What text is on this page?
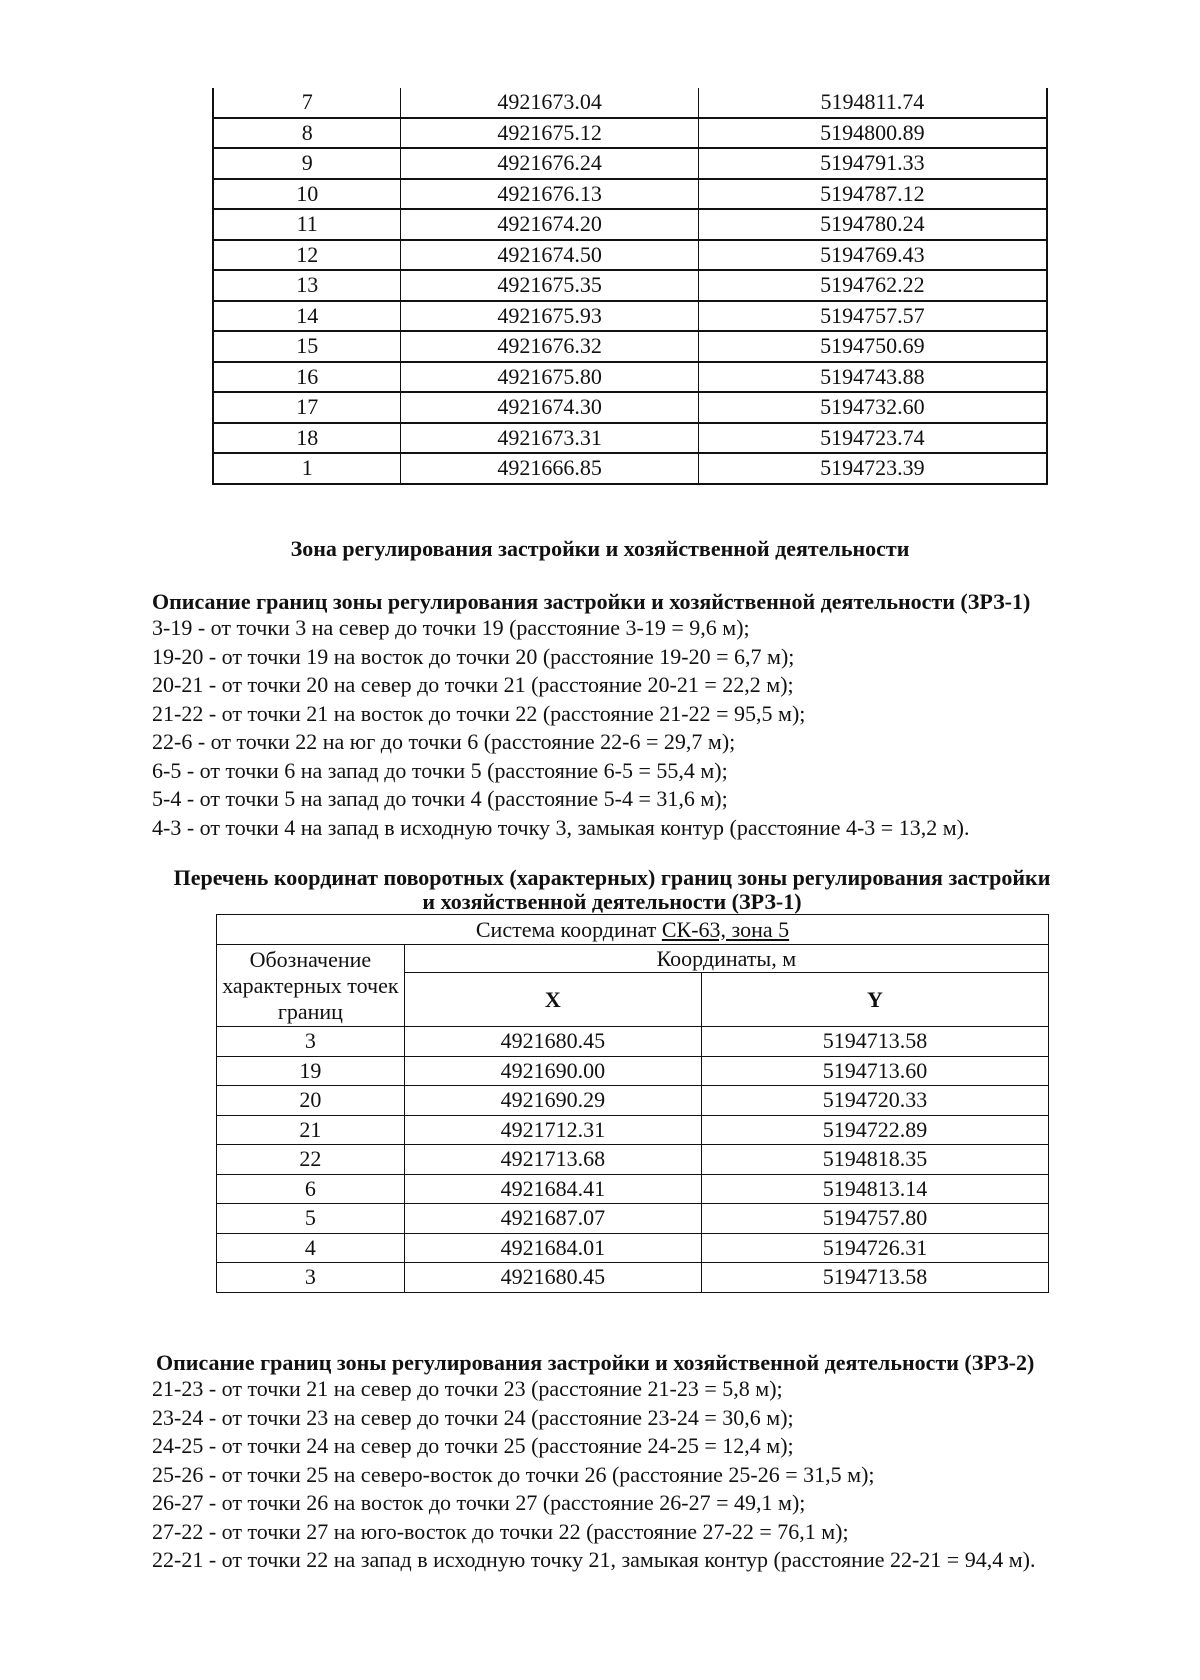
7	4921673.04	5194811.74
8	4921675.12	5194800.89
9	4921676.24	5194791.33
10	4921676.13	5194787.12
11	4921674.20	5194780.24
12	4921674.50	5194769.43
13	4921675.35	5194762.22
14	4921675.93	5194757.57
15	4921676.32	5194750.69
16	4921675.80	5194743.88
17	4921674.30	5194732.60
18	4921673.31	5194723.74
1	4921666.85	5194723.39
Зона регулирования застройки и хозяйственной деятельности
Описание границ зоны регулирования застройки и хозяйственной деятельности (ЗРЗ-1)
3-19 - от точки 3 на север до точки 19 (расстояние 3-19 = 9,6 м);
19-20 - от точки 19 на восток до точки 20 (расстояние 19-20 = 6,7 м);
20-21 - от точки 20 на север до точки 21 (расстояние 20-21 = 22,2 м);
21-22 - от точки 21 на восток до точки 22 (расстояние 21-22 = 95,5 м);
22-6 - от точки 22 на юг до точки 6 (расстояние 22-6 = 29,7 м);
6-5 - от точки 6 на запад до точки 5 (расстояние 6-5 = 55,4 м);
5-4 - от точки 5 на запад до точки 4 (расстояние 5-4 = 31,6 м);
4-3 - от точки 4 на запад в исходную точку 3, замыкая контур (расстояние 4-3 = 13,2 м).
Перечень координат поворотных (характерных) границ зоны регулирования застройки
и хозяйственной деятельности (ЗРЗ-1)
Система координат СК-63, зона 5		
Обозначение характерных точек границ	Координаты, м	
	X	Y
3	4921680.45	5194713.58
19	4921690.00	5194713.60
20	4921690.29	5194720.33
21	4921712.31	5194722.89
22	4921713.68	5194818.35
6	4921684.41	5194813.14
5	4921687.07	5194757.80
4	4921684.01	5194726.31
3	4921680.45	5194713.58
Описание границ зоны регулирования застройки и хозяйственной деятельности (ЗРЗ-2)
21-23 - от точки 21 на север до точки 23 (расстояние 21-23 = 5,8 м);
23-24 - от точки 23 на север до точки 24 (расстояние 23-24 = 30,6 м);
24-25 - от точки 24 на север до точки 25 (расстояние 24-25 = 12,4 м);
25-26 - от точки 25 на северо-восток до точки 26 (расстояние 25-26 = 31,5 м);
26-27 - от точки 26 на восток до точки 27 (расстояние 26-27 = 49,1 м);
27-22 - от точки 27 на юго-восток до точки 22 (расстояние 27-22 = 76,1 м);
22-21 - от точки 22 на запад в исходную точку 21, замыкая контур (расстояние 22-21 = 94,4 м).
